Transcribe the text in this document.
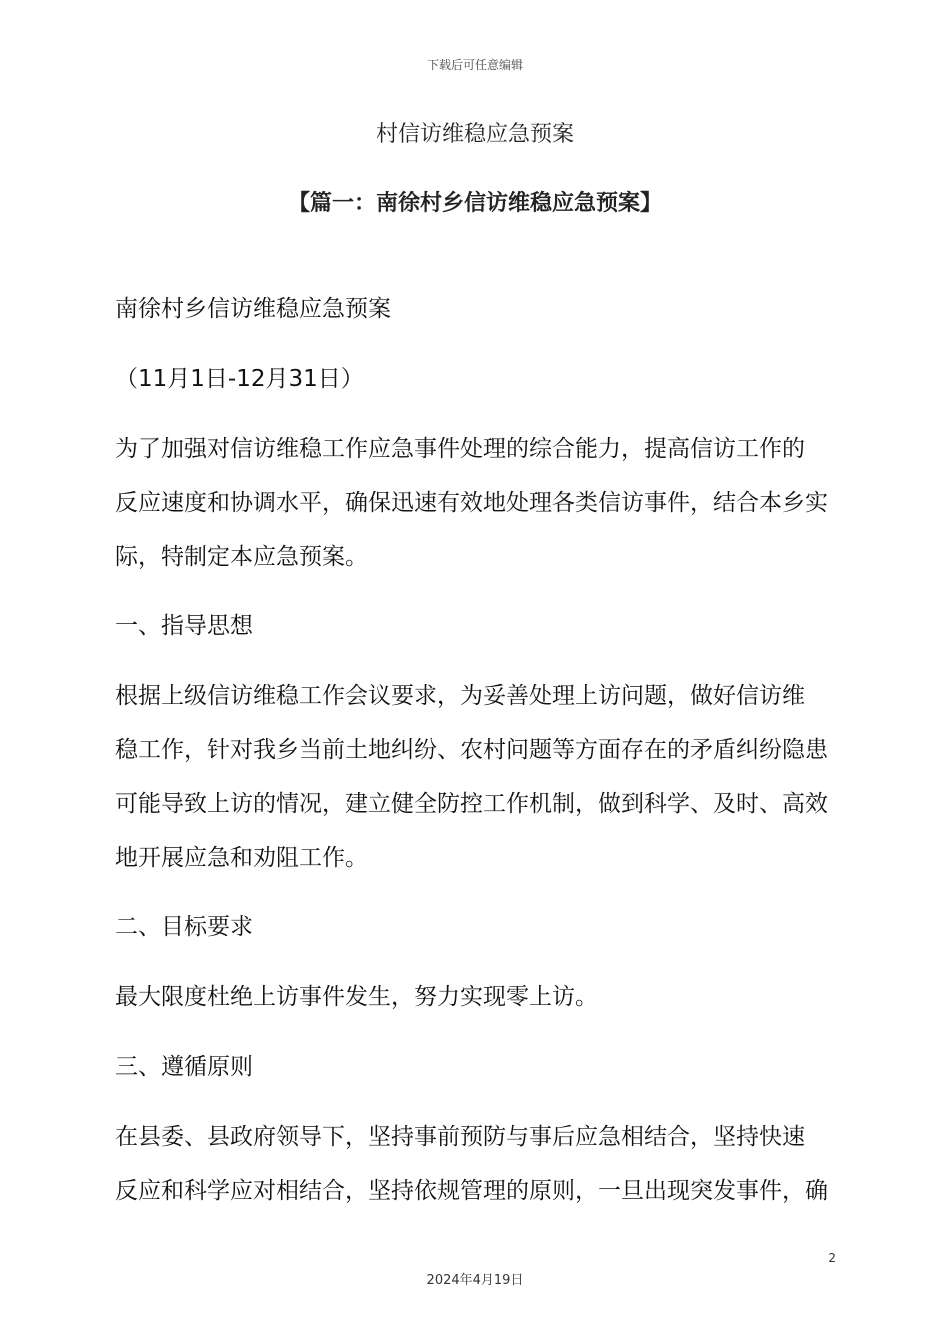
下载后可任意编辑
村信访维稳应急预案
【篇一：南徐村乡信访维稳应急预案】
南徐村乡信访维稳应急预案
（11月1日-12月31日）
为了加强对信访维稳工作应急事件处理的综合能力，提高信访工作的
反应速度和协调水平，确保迅速有效地处理各类信访事件，结合本乡实
际，特制定本应急预案。
一、指导思想
根据上级信访维稳工作会议要求，为妥善处理上访问题，做好信访维
稳工作，针对我乡当前土地纠纷、农村问题等方面存在的矛盾纠纷隐患
可能导致上访的情况，建立健全防控工作机制，做到科学、及时、高效
地开展应急和劝阻工作。
二、目标要求
最大限度杜绝上访事件发生，努力实现零上访。
三、遵循原则
在县委、县政府领导下，坚持事前预防与事后应急相结合，坚持快速
反应和科学应对相结合，坚持依规管理的原则，一旦出现突发事件，确
2
2024年4月19日
